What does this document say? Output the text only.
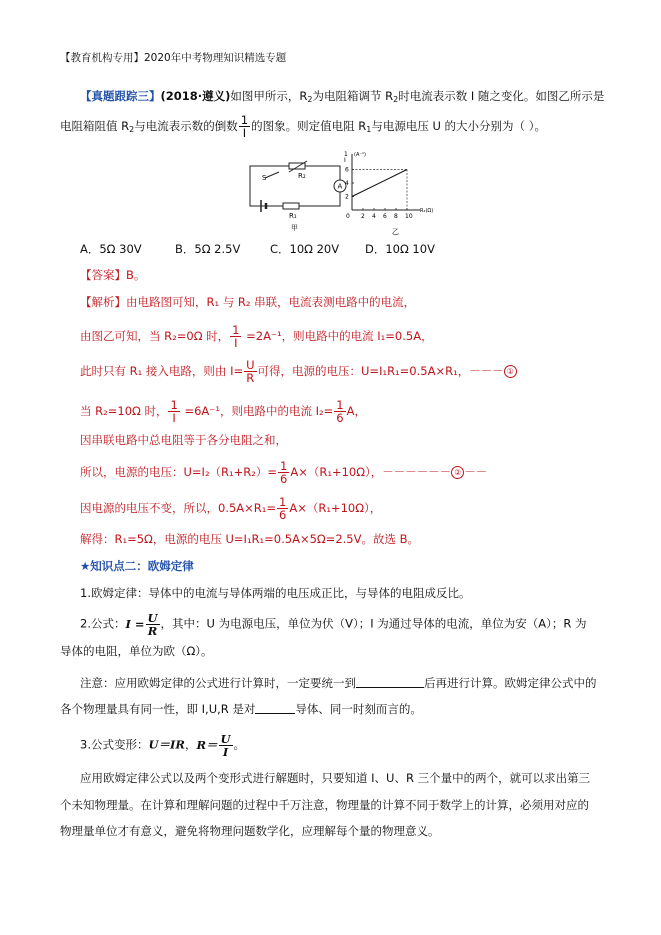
【教育机构专用】2020年中考物理知识精选专题
【真题跟踪三】(2018·遵义)如图甲所示，$R_2$为电阻箱调节 $R_2$时电流表示数 I 随之变化。如图乙所示是
电阻箱阻值 $R_2$与电流表示数的倒数 $\frac{1}{I}$ 的图象。则定值电阻 $R_1$与电源电压 U 的大小分别为（ ）。
S	R₂
A
R₁
甲
1
I
(A⁻¹)
R₂(Ω)
0 2 4 6 8 10
2
4
6
乙
A．5Ω 30V	B．5Ω 2.5V	C．10Ω 20V D．10Ω 10V
【答案】B。
【解析】由电路图可知，R₁ 与 R₂ 串联，电流表测电路中的电流，
由图乙可知，当 R₂=0Ω 时， $\frac{1}{I} =2A^{-1}$，则电路中的电流 I₁=0.5A，
此时只有 R₁ 接入电路，则由 $I= \frac{U}{R}$ 可得，电源的电压：U=I₁R₁=0.5A×R₁，－－－ ①
当 R₂=10Ω 时， $\frac{1}{I} =6A^{-1}$，则电路中的电流 $I_2= \frac{1}{6}$ A，
因串联电路中总电阻等于各分电阻之和，
所以，电源的电压：$U=I_2(R_1+R_2)= \frac{1}{6} A\times(R_1+10\Omega)$，－－－－－－ ② －－
因电源的电压不变，所以，$0.5A\times R_1= \frac{1}{6} A\times(R_1+10\Omega)$，
解得：R₁=5Ω，电源的电压 U=I₁R₁=0.5A×5Ω=2.5V。故选 B。
★知识点二：欧姆定律
1.欧姆定律：导体中的电流与导体两端的电压成正比，与导体的电阻成反比。
2.公式：$I = \frac{U}{R}$ ，其中：U 为电源电压，单位为伏（V）；I 为通过导体的电流，单位为安（A）；R 为
导体的电阻，单位为欧（Ω）。
注意：应用欧姆定律的公式进行计算时，一定要统一到	后再进行计算。欧姆定律公式中的
各个物理量具有同一性，即 I,U,R 是对	导体、同一时刻而言的。
3.公式变形：U＝IR，$R= \frac{U}{I}$ 。
应用欧姆定律公式以及两个变形式进行解题时，只要知道 I、U、R 三个量中的两个，就可以求出第三
个未知物理量。在计算和理解问题的过程中千万注意，物理量的计算不同于数学上的计算，必须用对应的
物理量单位才有意义，避免将物理问题数学化，应理解每个量的物理意义。
